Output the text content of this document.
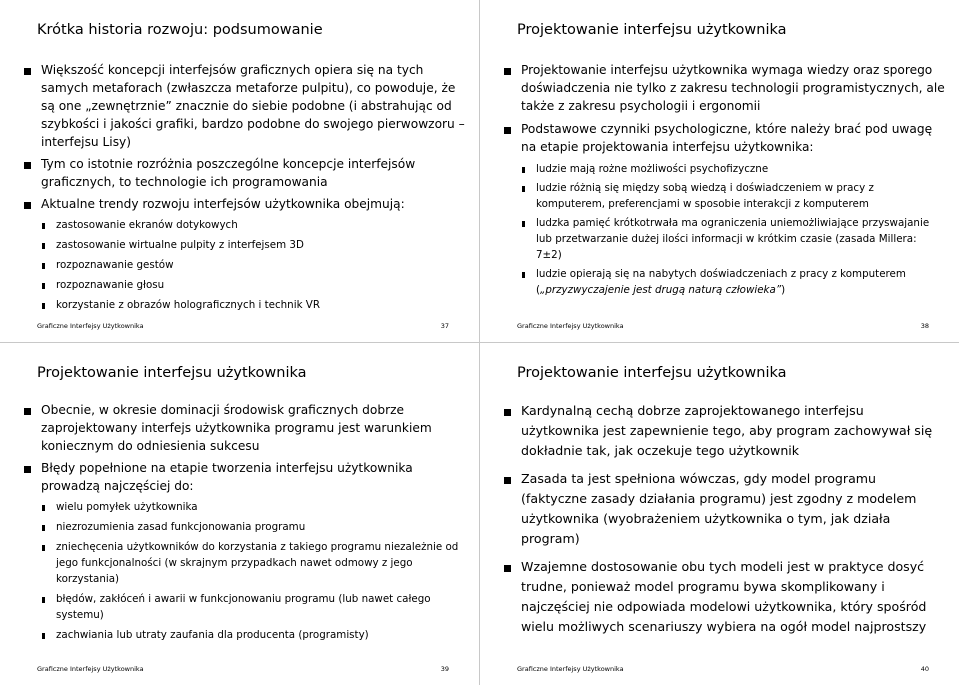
Krótka historia rozwoju: podsumowanie
Większość koncepcji interfejsów graficznych opiera się na tych samych metaforach (zwłaszcza metaforze pulpitu), co powoduje, że są one „zewnętrznie” znacznie do siebie podobne (i abstrahując od szybkości i jakości grafiki, bardzo podobne do swojego pierwowzoru – interfejsu Lisy)
Tym co istotnie rozróżnia poszczególne koncepcje interfejsów graficznych, to technologie ich programowania
Aktualne trendy rozwoju interfejsów użytkownika obejmują:
zastosowanie ekranów dotykowych
zastosowanie wirtualne pulpity z interfejsem 3D
rozpoznawanie gestów
rozpoznawanie głosu
korzystanie z obrazów holograficznych i technik VR
Graficzne Interfejsy Użytkownika	37
Projektowanie interfejsu użytkownika
Projektowanie interfejsu użytkownika wymaga wiedzy oraz sporego doświadczenia nie tylko z zakresu technologii programistycznych, ale także z zakresu psychologii i ergonomii
Podstawowe czynniki psychologiczne, które należy brać pod uwagę na etapie projektowania interfejsu użytkownika:
ludzie mają rożne możliwości psychofizyczne
ludzie różnią się między sobą wiedzą i doświadczeniem w pracy z komputerem, preferencjami w sposobie interakcji z komputerem
ludzka pamięć krótkotrwała ma ograniczenia uniemożliwiające przyswajanie lub przetwarzanie dużej ilości informacji w krótkim czasie (zasada Millera: 7±2)
ludzie opierają się na nabytych doświadczeniach z pracy z komputerem („przyzwyczajenie jest drugą naturą człowieka”)
Graficzne Interfejsy Użytkownika	38
Projektowanie interfejsu użytkownika
Obecnie, w okresie dominacji środowisk graficznych dobrze zaprojektowany interfejs użytkownika programu jest warunkiem koniecznym do odniesienia sukcesu
Błędy popełnione na etapie tworzenia interfejsu użytkownika prowadzą najczęściej do:
wielu pomyłek użytkownika
niezrozumienia zasad funkcjonowania programu
zniechęcenia użytkowników do korzystania z takiego programu niezależnie od jego funkcjonalności (w skrajnym przypadkach nawet odmowy z jego korzystania)
błędów, zakłóceń i awarii w funkcjonowaniu programu (lub nawet całego systemu)
zachwiania lub utraty zaufania dla producenta (programisty)
Graficzne Interfejsy Użytkownika	39
Projektowanie interfejsu użytkownika
Kardynalną cechą dobrze zaprojektowanego interfejsu użytkownika jest zapewnienie tego, aby program zachowywał się dokładnie tak, jak oczekuje tego użytkownik
Zasada ta jest spełniona wówczas, gdy model programu (faktyczne zasady działania programu) jest zgodny z modelem użytkownika (wyobrażeniem użytkownika o tym, jak działa program)
Wzajemne dostosowanie obu tych modeli jest w praktyce dosyć trudne, ponieważ model programu bywa skomplikowany i najczęściej nie odpowiada modelowi użytkownika, który spośród wielu możliwych scenariuszy wybiera na ogół model najprostszy
Graficzne Interfejsy Użytkownika	40
